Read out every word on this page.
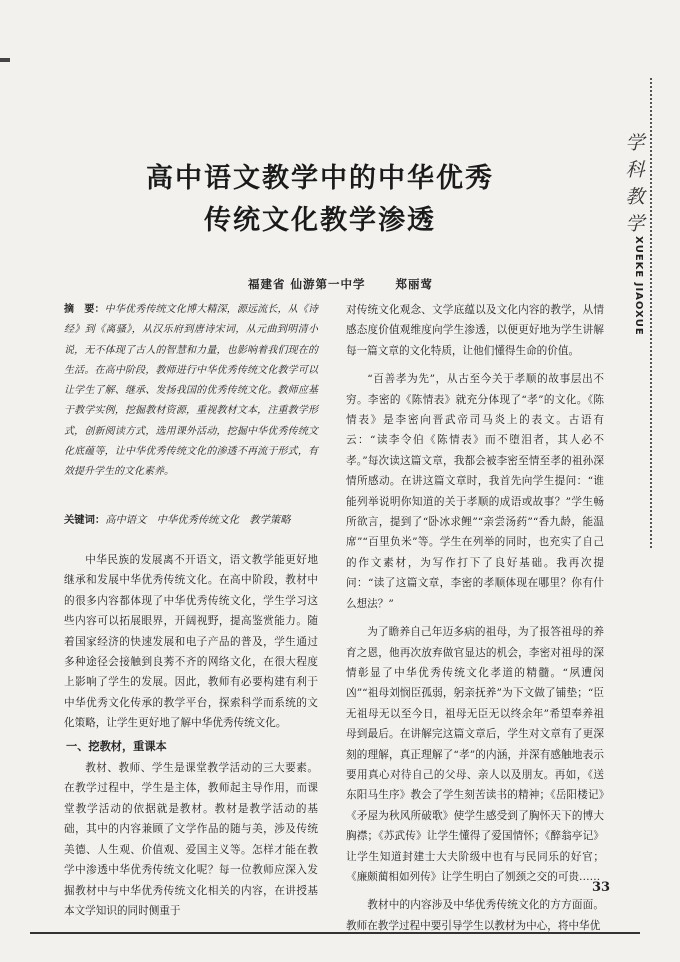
高中语文教学中的中华优秀
传统文化教学渗透
福建省 仙游第一中学	郑丽莺
摘　要：中华优秀传统文化博大精深，源远流长，从《诗经》到《离骚》，从汉乐府到唐诗宋词，从元曲到明清小说，无不体现了古人的智慧和力量，也影响着我们现在的生活。在高中阶段，教师进行中华优秀传统文化教学可以让学生了解、继承、发扬我国的优秀传统文化。教师应基于教学实例，挖掘教材资源，重视教材文本，注重教学形式，创新阅读方式，选用课外活动，挖掘中华优秀传统文化底蕴等，让中华优秀传统文化的渗透不再流于形式，有效提升学生的文化素养。
关键词：高中语文　中华优秀传统文化　教学策略

中华民族的发展离不开语文，语文教学能更好地继承和发展中华优秀传统文化。在高中阶段，教材中的很多内容都体现了中华优秀传统文化，学生学习这些内容可以拓展眼界，开阔视野，提高鉴赏能力。随着国家经济的快速发展和电子产品的普及，学生通过多种途径会接触到良莠不齐的网络文化，在很大程度上影响了学生的发展。因此，教师有必要构建有利于中华优秀文化传承的教学平台，探索科学而系统的文化策略，让学生更好地了解中华优秀传统文化。

一、挖教材，重课本

教材、教师、学生是课堂教学活动的三大要素。在教学过程中，学生是主体，教师起主导作用，而课堂教学活动的依据就是教材。教材是教学活动的基础，其中的内容兼顾了文学作品的随与美，涉及传统美德、人生观、价值观、爱国主义等。怎样才能在教学中渗透中华优秀传统文化呢？每一位教师应深入发掘教材中与中华优秀传统文化相关的内容，在讲授基本文学知识的同时侧重于

对传统文化观念、文学底蕴以及文化内容的教学，从情感态度价值观维度向学生渗透，以便更好地为学生讲解每一篇文章的文化特质，让他们懂得生命的价值。

“百善孝为先”，从古至今关于孝顺的故事层出不穷。李密的《陈情表》就充分体现了“孝”的文化。《陈情表》是李密向晋武帝司马炎上的表文。古语有云：“读李令伯《陈情表》而不堕泪者，其人必不孝。”每次读这篇文章，我都会被李密至情至孝的祖孙深情所感动。在讲这篇文章时，我首先向学生提问：“谁能列举说明你知道的关于孝顺的成语或故事？”学生畅所欲言，提到了“卧冰求鲤”“亲尝汤药”“香九龄，能温席”“百里负米”等。学生在列举的同时，也充实了自己的作文素材，为写作打下了良好基础。我再次提问：“读了这篇文章，李密的孝顺体现在哪里？你有什么想法？”

为了瞻养自己年迈多病的祖母，为了报答祖母的养育之恩，他再次放弃做官显达的机会，李密对祖母的深情彰显了中华优秀传统文化孝道的精髓。“夙遭闵凶”“祖母刘悯臣孤弱，躬亲抚养”为下文做了铺垫；“臣无祖母无以至今日，祖母无臣无以终余年”希望奉养祖母到最后。在讲解完这篇文章后，学生对文章有了更深刻的理解，真正理解了“孝”的内涵，并深有感触地表示要用真心对待自己的父母、亲人以及朋友。再如，《送东阳马生序》教会了学生刻苦读书的精神；《岳阳楼记》《矛屋为秋风所破歌》使学生感受到了胸怀天下的博大胸襟；《苏武传》让学生懂得了爱国情怀；《醉翁亭记》让学生知道封建士大夫阶级中也有与民同乐的好官；《廉颇蔺相如列传》让学生明白了刎颈之交的可贵……

教材中的内容涉及中华优秀传统文化的方方面面。教师在教学过程中要引导学生以教材为中心，将中华优

学科教学
XUEKE JIAOXUE
33
